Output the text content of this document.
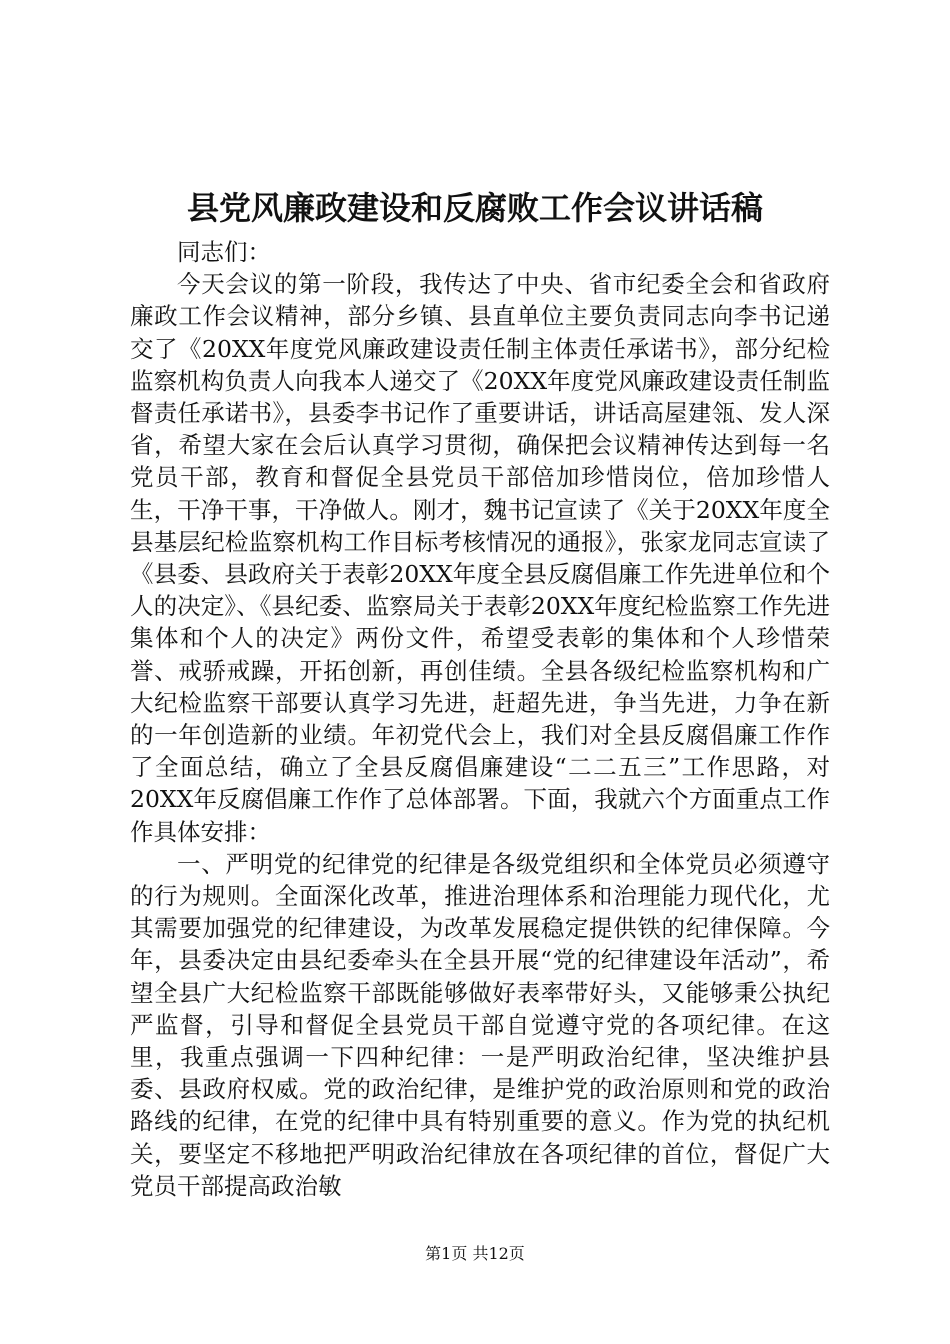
县党风廉政建设和反腐败工作会议讲话稿

同志们：

今天会议的第一阶段，我传达了中央、省市纪委全会和省政府廉政工作会议精神，部分乡镇、县直单位主要负责同志向李书记递交了《20XX年度党风廉政建设责任制主体责任承诺书》，部分纪检监察机构负责人向我本人递交了《20XX年度党风廉政建设责任制监督责任承诺书》，县委李书记作了重要讲话，讲话高屋建瓴、发人深省，希望大家在会后认真学习贯彻，确保把会议精神传达到每一名党员干部，教育和督促全县党员干部倍加珍惜岗位，倍加珍惜人生，干净干事，干净做人。刚才，魏书记宣读了《关于20XX年度全县基层纪检监察机构工作目标考核情况的通报》，张家龙同志宣读了《县委、县政府关于表彰20XX年度全县反腐倡廉工作先进单位和个人的决定》、《县纪委、监察局关于表彰20XX年度纪检监察工作先进集体和个人的决定》两份文件，希望受表彰的集体和个人珍惜荣誉、戒骄戒躁，开拓创新，再创佳绩。全县各级纪检监察机构和广大纪检监察干部要认真学习先进，赶超先进，争当先进，力争在新的一年创造新的业绩。年初党代会上，我们对全县反腐倡廉工作作了全面总结，确立了全县反腐倡廉建设“二二五三”工作思路，对20XX年反腐倡廉工作作了总体部署。下面，我就六个方面重点工作作具体安排：

一、严明党的纪律党的纪律是各级党组织和全体党员必须遵守的行为规则。全面深化改革，推进治理体系和治理能力现代化，尤其需要加强党的纪律建设，为改革发展稳定提供铁的纪律保障。今年，县委决定由县纪委牵头在全县开展“党的纪律建设年活动”，希望全县广大纪检监察干部既能够做好表率带好头，又能够秉公执纪严监督，引导和督促全县党员干部自觉遵守党的各项纪律。在这里，我重点强调一下四种纪律：一是严明政治纪律，坚决维护县委、县政府权威。党的政治纪律，是维护党的政治原则和党的政治路线的纪律，在党的纪律中具有特别重要的意义。作为党的执纪机关，要坚定不移地把严明政治纪律放在各项纪律的首位，督促广大党员干部提高政治敏

第1页 共12页
